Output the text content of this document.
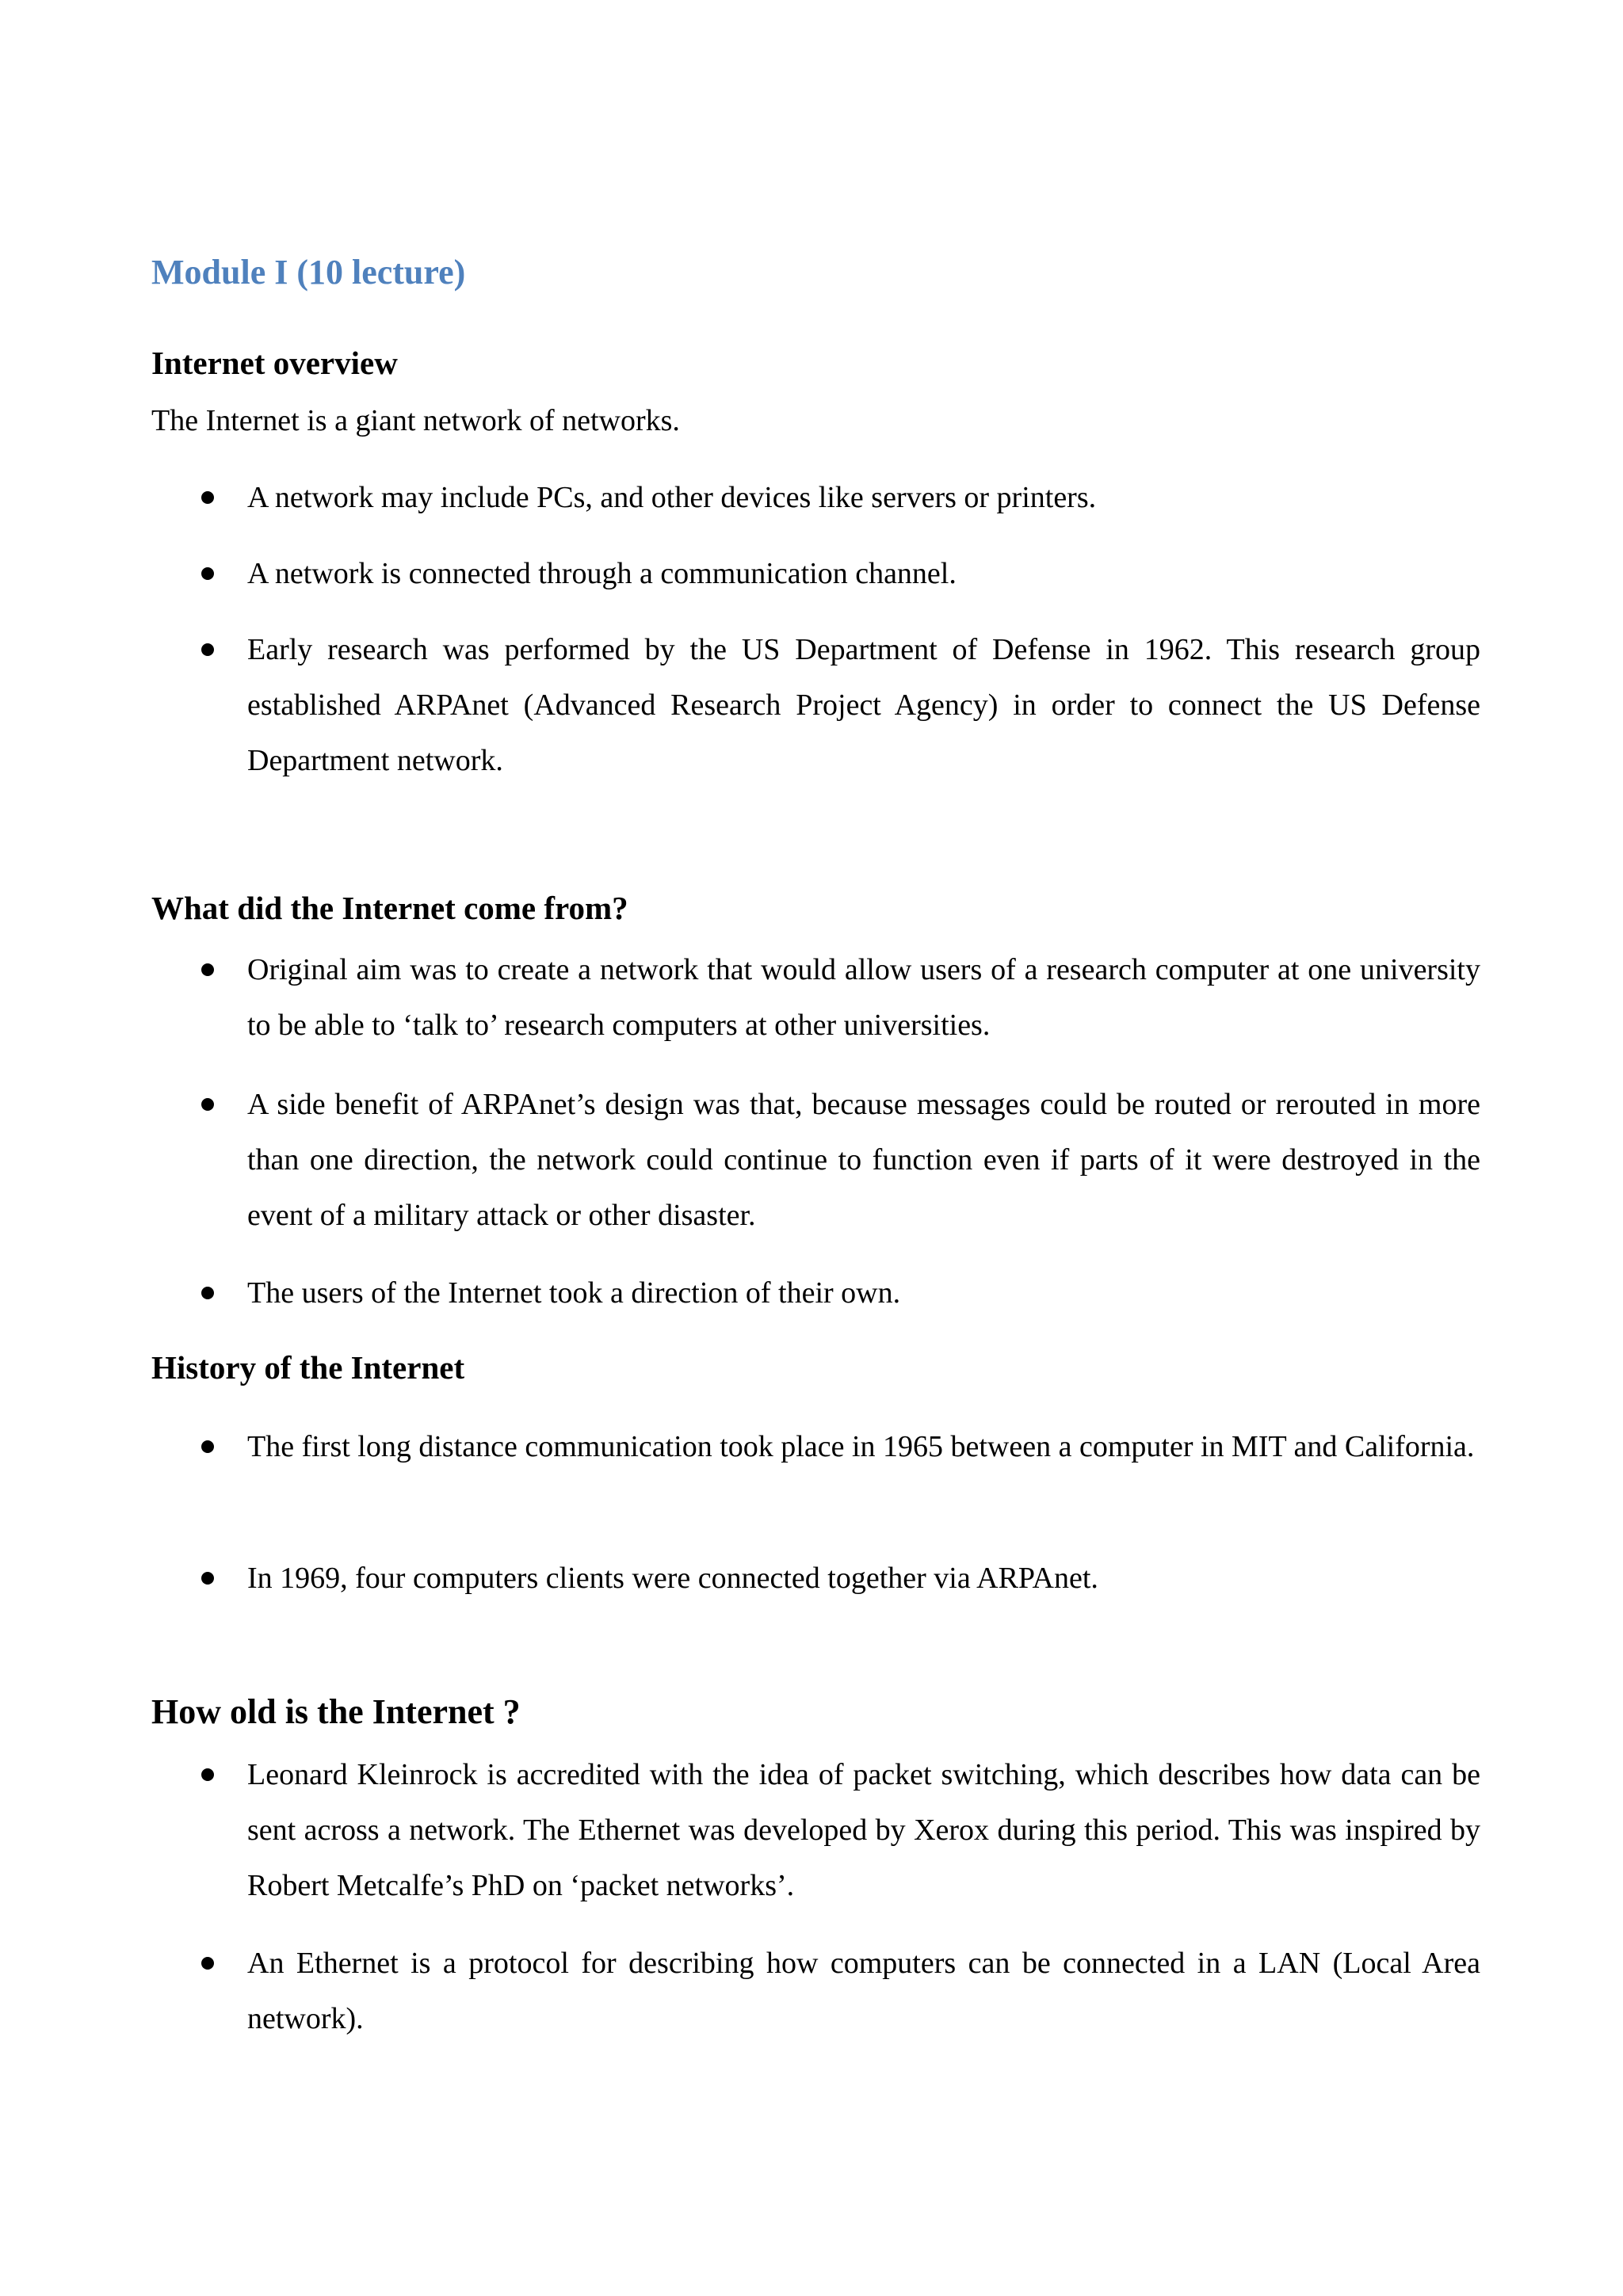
Module I (10 lecture)
Internet overview

The Internet is a giant network of networks.

A network may include PCs, and other devices like servers or printers.

A network is connected through a communication channel.

Early research was performed by the US Department of Defense in 1962. This research group established ARPAnet (Advanced Research Project Agency) in order to connect the US Defense Department network.

What did the Internet come from?

Original aim was to create a network that would allow users of a research computer at one university to be able to ‘talk to’ research computers at other universities.

A side benefit of ARPAnet’s design was that, because messages could be routed or rerouted in more than one direction, the network could continue to function even if parts of it were destroyed in the event of a military attack or other disaster.

The users of the Internet took a direction of their own.

History of the Internet

The first long distance communication took place in 1965 between a computer in MIT and California.

In 1969, four computers clients were connected together via ARPAnet.

How old is the Internet ?

Leonard Kleinrock is accredited with the idea of packet switching, which describes how data can be sent across a network. The Ethernet was developed by Xerox during this period. This was inspired by Robert Metcalfe’s PhD on ‘packet networks’.

An Ethernet is a protocol for describing how computers can be connected in a LAN (Local Area network).
